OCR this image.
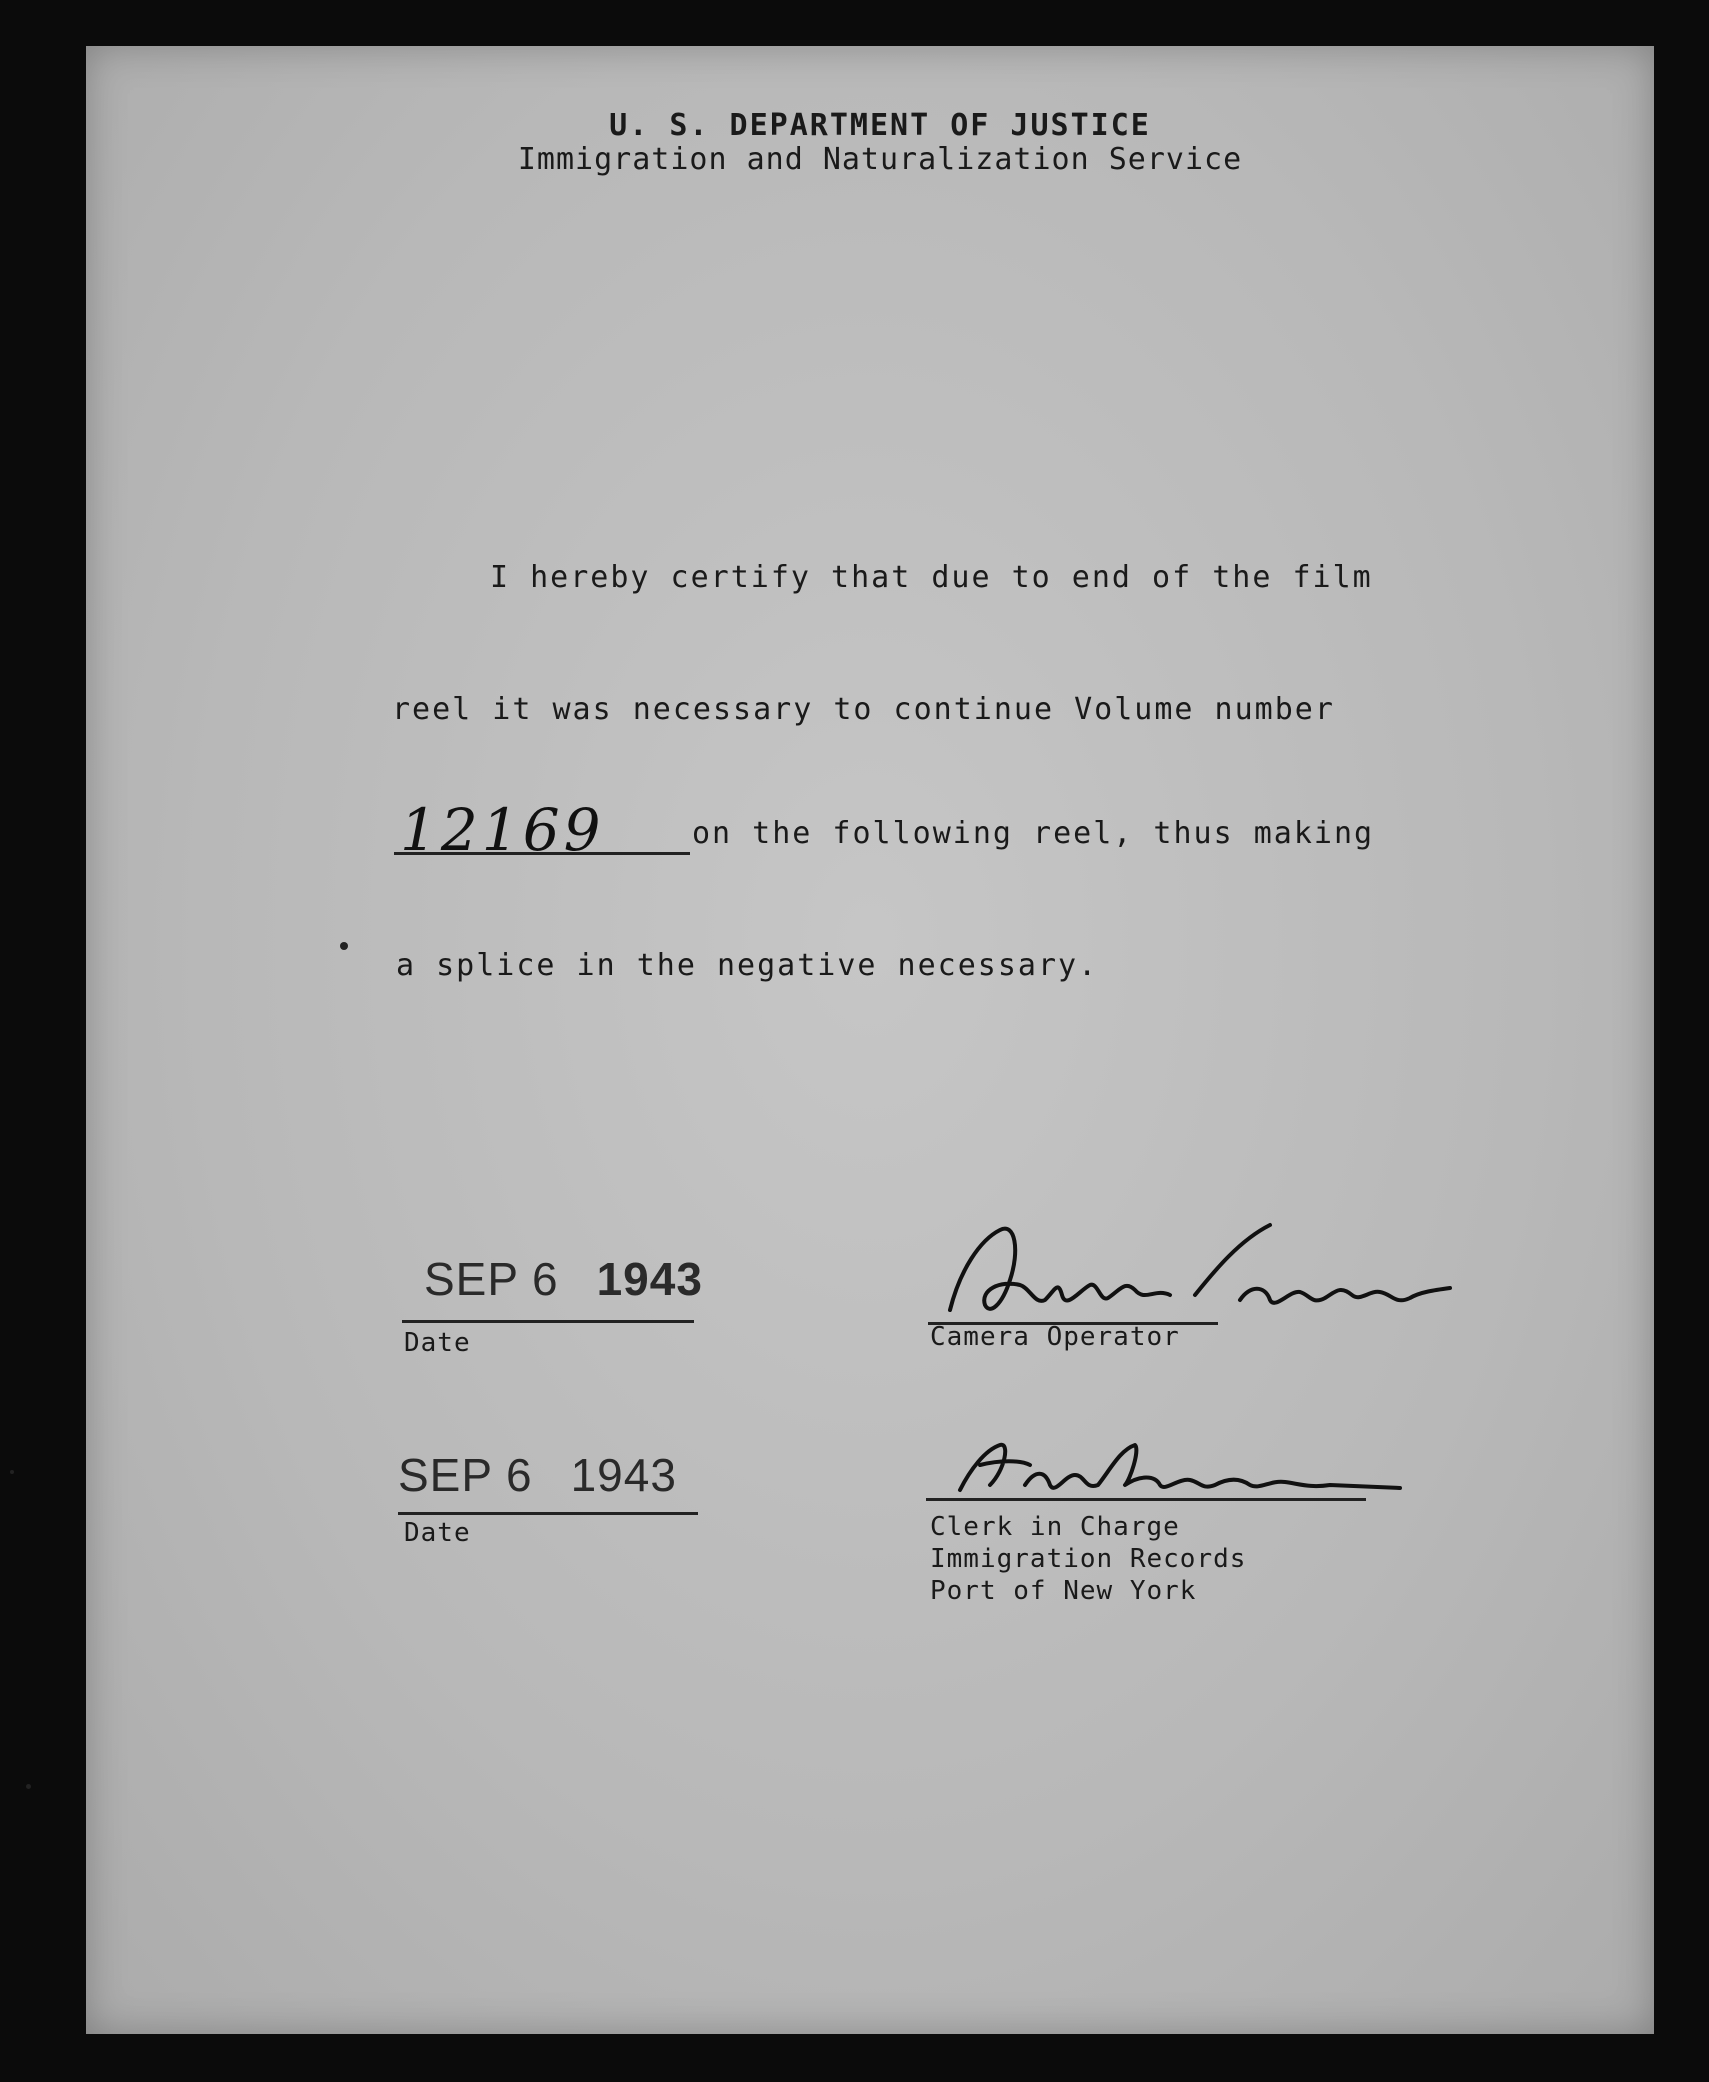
U. S. DEPARTMENT OF JUSTICE
Immigration and Naturalization Service
I hereby certify that due to end of the film
reel it was necessary to continue Volume number
12169	on the following reel, thus making
a splice in the negative necessary.
SEP 6 1943
Date	Camera Operator
SEP 6 1943
Date	Clerk in Charge
Immigration Records
Port of New York
